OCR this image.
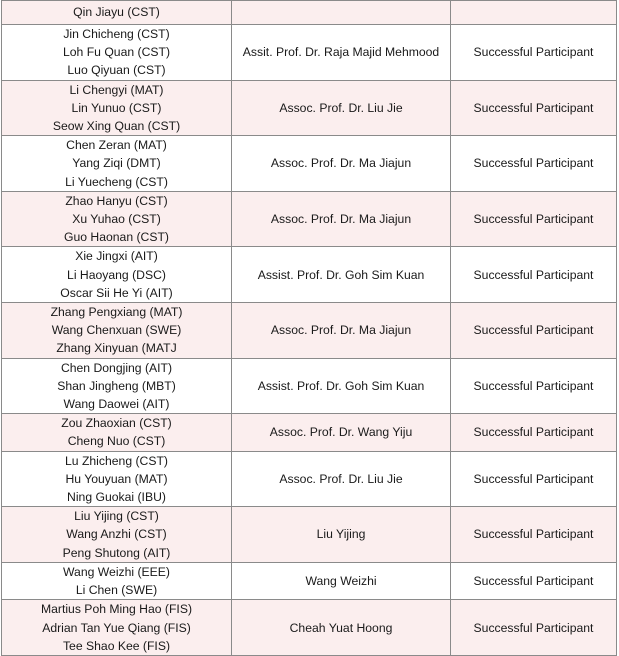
Qin Jiayu (CST)		

Jin Chicheng (CST)
Loh Fu Quan (CST)
Luo Qiyuan (CST)	Assit. Prof. Dr. Raja Majid Mehmood	Successful Participant

Li Chengyi (MAT)
Lin Yunuo (CST)
Seow Xing Quan (CST)	Assoc. Prof. Dr. Liu Jie	Successful Participant

Chen Zeran (MAT)
Yang Ziqi (DMT)
Li Yuecheng (CST)	Assoc. Prof. Dr. Ma Jiajun	Successful Participant

Zhao Hanyu (CST)
Xu Yuhao (CST)
Guo Haonan (CST)	Assoc. Prof. Dr. Ma Jiajun	Successful Participant

Xie Jingxi (AIT)
Li Haoyang (DSC)
Oscar Sii He Yi (AIT)	Assist. Prof. Dr. Goh Sim Kuan	Successful Participant

Zhang Pengxiang (MAT)
Wang Chenxuan (SWE)
Zhang Xinyuan (MATJ	Assoc. Prof. Dr. Ma Jiajun	Successful Participant

Chen Dongjing (AIT)
Shan Jingheng (MBT)
Wang Daowei (AIT)	Assist. Prof. Dr. Goh Sim Kuan	Successful Participant

Zou Zhaoxian (CST)
Cheng Nuo (CST)	Assoc. Prof. Dr. Wang Yiju	Successful Participant

Lu Zhicheng (CST)
Hu Youyuan (MAT)
Ning Guokai (IBU)	Assoc. Prof. Dr. Liu Jie	Successful Participant

Liu Yijing (CST)
Wang Anzhi (CST)
Peng Shutong (AIT)	Liu Yijing	Successful Participant

Wang Weizhi (EEE)
Li Chen (SWE)	Wang Weizhi	Successful Participant

Martius Poh Ming Hao (FIS)
Adrian Tan Yue Qiang (FIS)
Tee Shao Kee (FIS)	Cheah Yuat Hoong	Successful Participant
